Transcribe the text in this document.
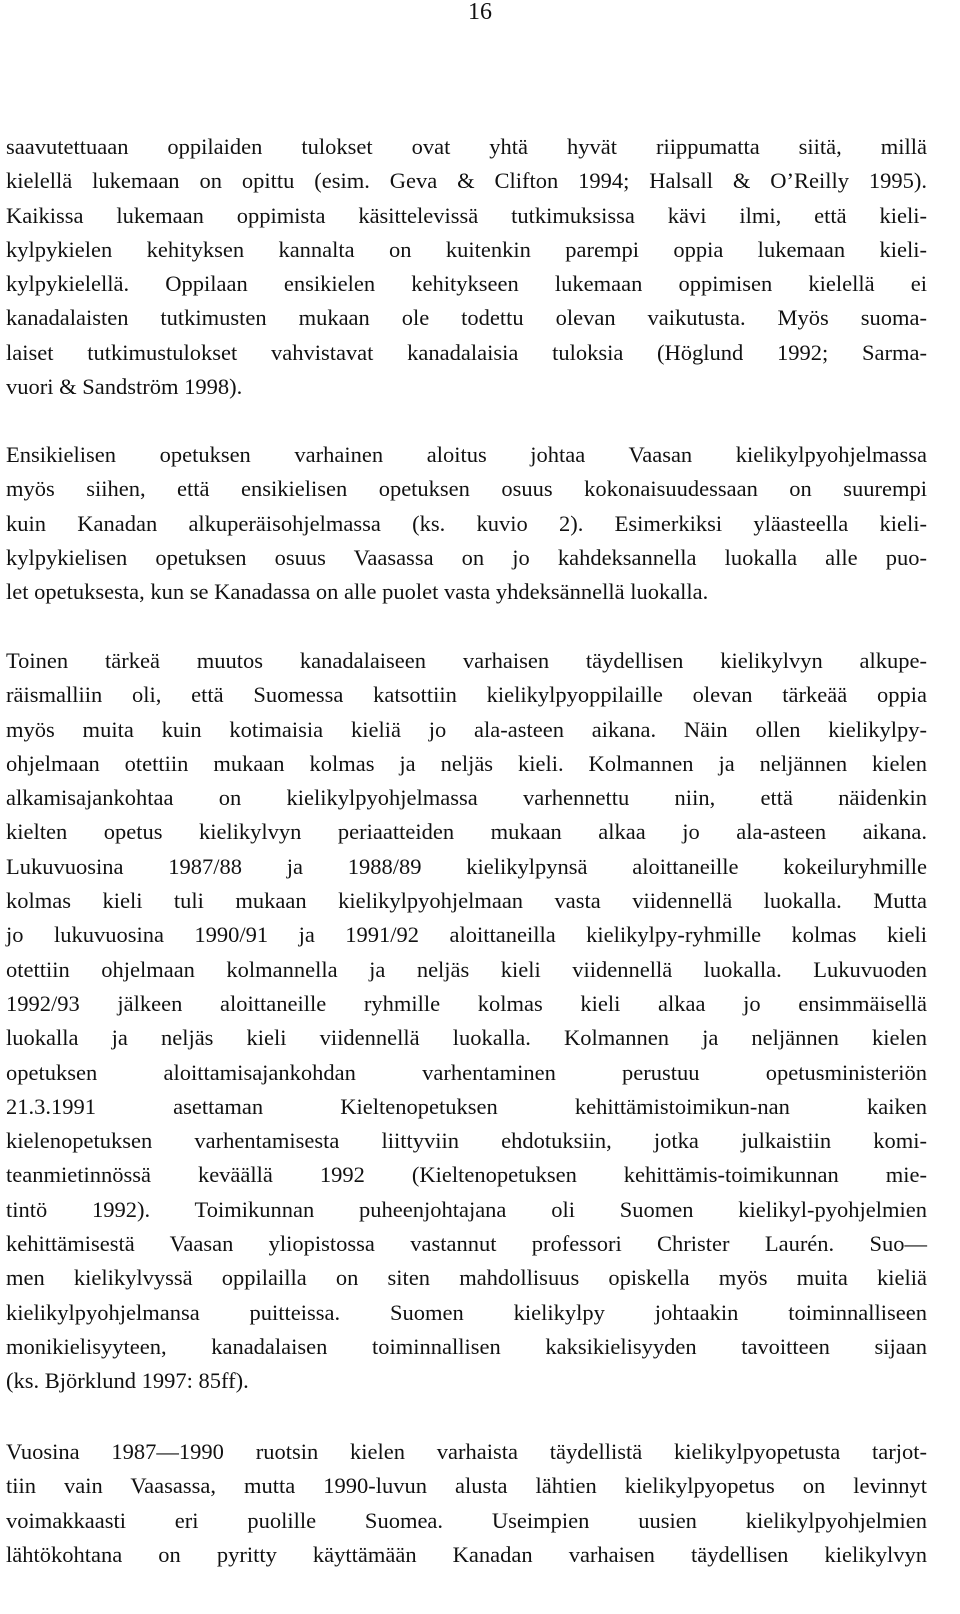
16
saavutettuaan oppilaiden tulokset ovat yhtä hyvät riippumatta siitä, millä
kielellä lukemaan on opittu (esim. Geva & Clifton 1994; Halsall & O’Reilly 1995).
Kaikissa lukemaan oppimista käsittelevissä tutkimuksissa kävi ilmi, että kieli-
kylpykielen kehityksen kannalta on kuitenkin parempi oppia lukemaan kieli-
kylpykielellä. Oppilaan ensikielen kehitykseen lukemaan oppimisen kielellä ei
kanadalaisten tutkimusten mukaan ole todettu olevan vaikutusta. Myös suoma-
laiset tutkimustulokset vahvistavat kanadalaisia tuloksia (Höglund 1992; Sarma-
vuori & Sandström 1998).
Ensikielisen opetuksen varhainen aloitus johtaa Vaasan kielikylpyohjelmassa
myös siihen, että ensikielisen opetuksen osuus kokonaisuudessaan on suurempi
kuin Kanadan alkuperäisohjelmassa (ks. kuvio 2). Esimerkiksi yläasteella kieli-
kylpykielisen opetuksen osuus Vaasassa on jo kahdeksannella luokalla alle puo-
let opetuksesta, kun se Kanadassa on alle puolet vasta yhdeksännellä luokalla.
Toinen tärkeä muutos kanadalaiseen varhaisen täydellisen kielikylvyn alkupe-
räismalliin oli, että Suomessa katsottiin kielikylpyoppilaille olevan tärkeää oppia
myös muita kuin kotimaisia kieliä jo ala-asteen aikana. Näin ollen kielikylpy-
ohjelmaan otettiin mukaan kolmas ja neljäs kieli. Kolmannen ja neljännen kielen
alkamisajankohtaa on kielikylpyohjelmassa varhennettu niin, että näidenkin
kielten opetus kielikylvyn periaatteiden mukaan alkaa jo ala-asteen aikana.
Lukuvuosina 1987/88 ja 1988/89 kielikylpynsä aloittaneille kokeiluryhmille
kolmas kieli tuli mukaan kielikylpyohjelmaan vasta viidennellä luokalla. Mutta
jo lukuvuosina 1990/91 ja 1991/92 aloittaneilla kielikylpy-ryhmille kolmas kieli
otettiin ohjelmaan kolmannella ja neljäs kieli viidennellä luokalla. Lukuvuoden
1992/93 jälkeen aloittaneille ryhmille kolmas kieli alkaa jo ensimmäisellä
luokalla ja neljäs kieli viidennellä luokalla. Kolmannen ja neljännen kielen
opetuksen aloittamisajankohdan varhentaminen perustuu opetusministeriön
21.3.1991 asettaman Kieltenopetuksen kehittämistoimikun-nan kaiken
kielenopetuksen varhentamisesta liittyviin ehdotuksiin, jotka julkaistiin komi-
teanmietinnössä keväällä 1992 (Kieltenopetuksen kehittämis-toimikunnan mie-
tintö 1992). Toimikunnan puheenjohtajana oli Suomen kielikyl-pyohjelmien
kehittämisestä Vaasan yliopistossa vastannut professori Christer Laurén. Suo—
men kielikylvyssä oppilailla on siten mahdollisuus opiskella myös muita kieliä
kielikylpyohjelmansa puitteissa. Suomen kielikylpy johtaakin toiminnalliseen
monikielisyyteen, kanadalaisen toiminnallisen kaksikielisyyden tavoitteen sijaan
(ks. Björklund 1997: 85ff).
Vuosina 1987—1990 ruotsin kielen varhaista täydellistä kielikylpyopetusta tarjot-
tiin vain Vaasassa, mutta 1990-luvun alusta lähtien kielikylpyopetus on levinnyt
voimakkaasti eri puolille Suomea. Useimpien uusien kielikylpyohjelmien
lähtökohtana on pyritty käyttämään Kanadan varhaisen täydellisen kielikylvyn
